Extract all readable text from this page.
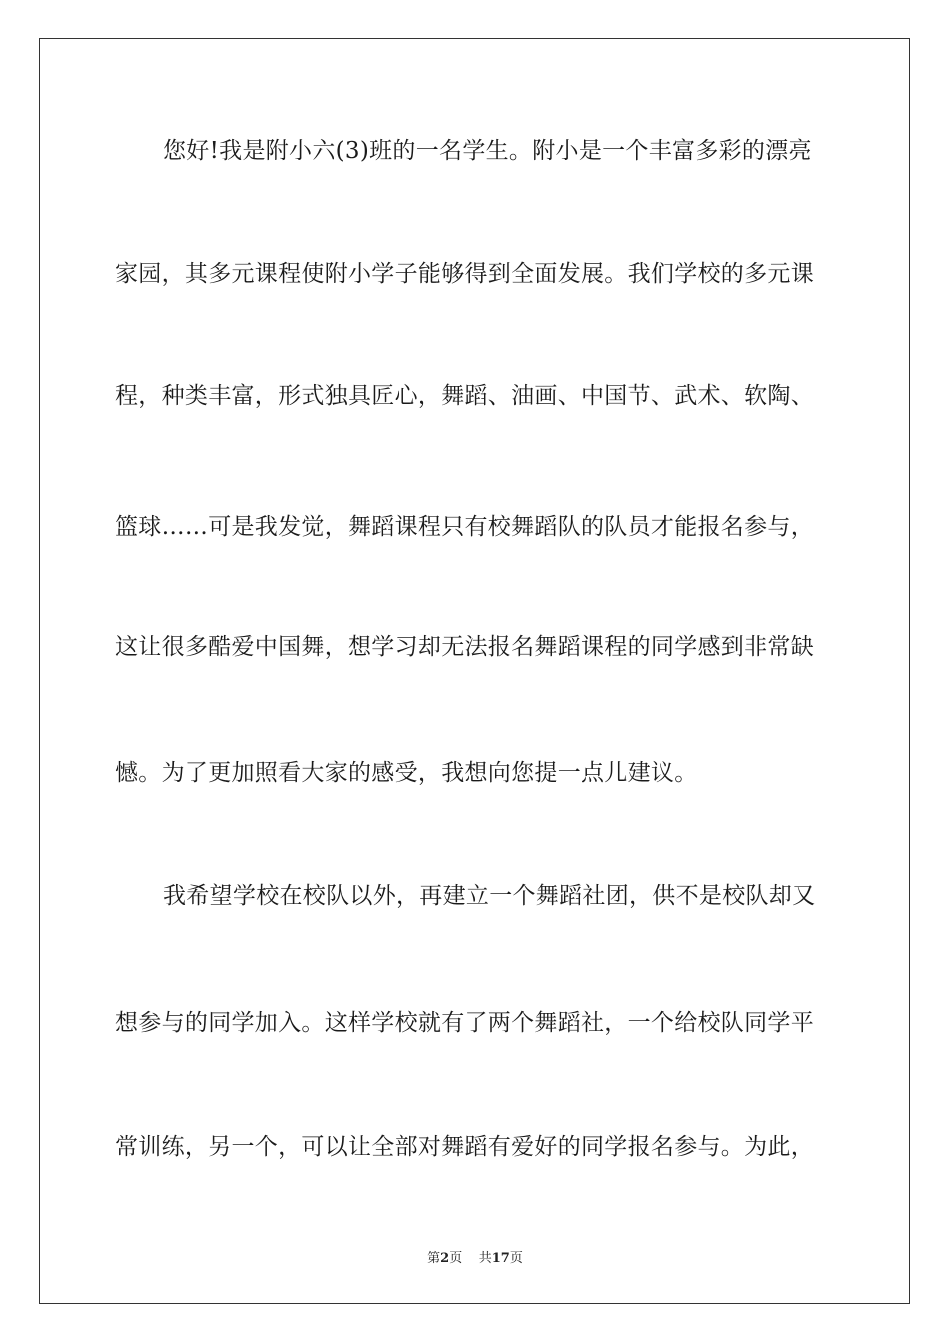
您好!我是附小六(3)班的一名学生。附小是一个丰富多彩的漂亮
家园，其多元课程使附小学子能够得到全面发展。我们学校的多元课
程，种类丰富，形式独具匠心，舞蹈、油画、中国节、武术、软陶、
篮球……可是我发觉，舞蹈课程只有校舞蹈队的队员才能报名参与，
这让很多酷爱中国舞，想学习却无法报名舞蹈课程的同学感到非常缺
憾。为了更加照看大家的感受，我想向您提一点儿建议。
我希望学校在校队以外，再建立一个舞蹈社团，供不是校队却又
想参与的同学加入。这样学校就有了两个舞蹈社，一个给校队同学平
常训练，另一个，可以让全部对舞蹈有爱好的同学报名参与。为此，
第2页 共17页
